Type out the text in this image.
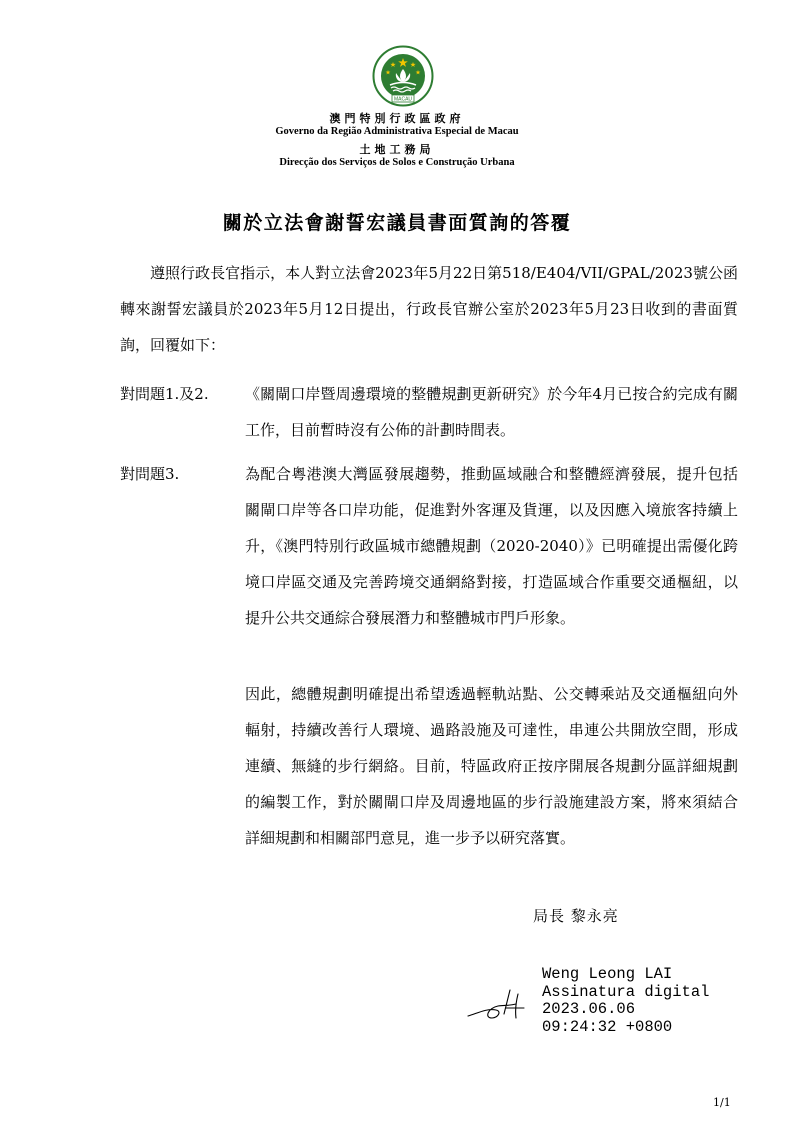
MACAU
澳門特別行政區政府
Governo da Região Administrativa Especial de Macau
土地工務局
Direcção dos Serviços de Solos e Construção Urbana
關於立法會謝誓宏議員書面質詢的答覆
遵照行政長官指示，本人對立法會2023年5月22日第518/E404/VII/GPAL/2023號公函轉來謝誓宏議員於2023年5月12日提出，行政長官辦公室於2023年5月23日收到的書面質詢，回覆如下：
對問題1.及2. 《關閘口岸暨周邊環境的整體規劃更新研究》於今年4月已按合約完成有關工作，目前暫時沒有公佈的計劃時間表。
對問題3.	為配合粵港澳大灣區發展趨勢，推動區域融合和整體經濟發展，提升包括關閘口岸等各口岸功能，促進對外客運及貨運，以及因應入境旅客持續上升，《澳門特別行政區城市總體規劃（2020-2040）》已明確提出需優化跨境口岸區交通及完善跨境交通網絡對接，打造區域合作重要交通樞紐，以提升公共交通綜合發展潛力和整體城市門戶形象。
因此，總體規劃明確提出希望透過輕軌站點、公交轉乘站及交通樞紐向外輻射，持續改善行人環境、過路設施及可達性，串連公共開放空間，形成連續、無縫的步行網絡。目前，特區政府正按序開展各規劃分區詳細規劃的編製工作，對於關閘口岸及周邊地區的步行設施建設方案，將來須結合詳細規劃和相關部門意見，進一步予以研究落實。
局長 黎永亮
Weng Leong LAI
Assinatura digital
2023.06.06
09:24:32 +0800
1/1
